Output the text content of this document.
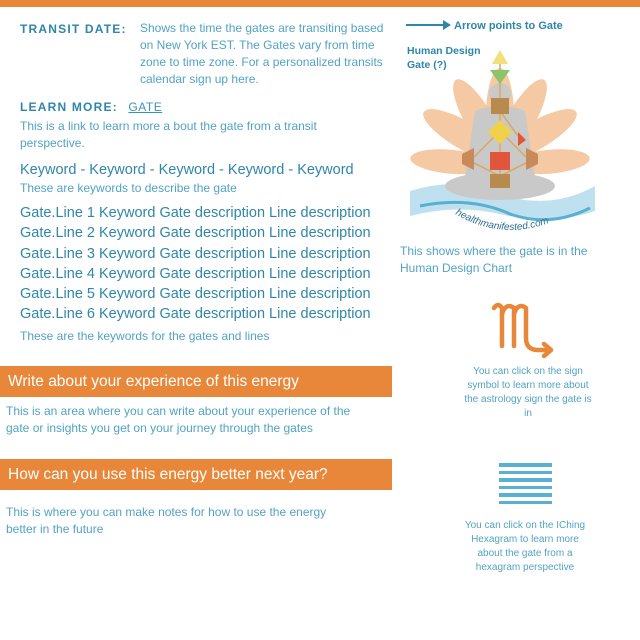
TRANSIT DATE: Shows the time the gates are transiting based on New York EST. The Gates vary from time zone to time zone. For a personalized transits calendar sign up here.
LEARN MORE: GATE
This is a link to learn more a bout the gate from a transit perspective.
Keyword - Keyword - Keyword - Keyword - Keyword
These are keywords to describe the gate
Gate.Line 1 Keyword Gate description Line description
Gate.Line 2 Keyword Gate description Line description
Gate.Line 3 Keyword Gate description Line description
Gate.Line 4 Keyword Gate description Line description
Gate.Line 5 Keyword Gate description Line description
Gate.Line 6 Keyword Gate description Line description
These are the keywords for the gates and lines
Write about your experience of this energy
This is an area where you can write about your experience of the gate or insights you get on your journey through the gates
How can you use this energy better next year?
This is where you can make notes for how to use the energy better in the future
healthmanifested.com
Arrow points to Gate
Human Design Gate (?)
This shows where the gate is in the Human Design Chart
You can click on the sign symbol to learn more about the astrology sign the gate is in
You can click on the IChing Hexagram to learn more about the gate from a hexagram perspective
